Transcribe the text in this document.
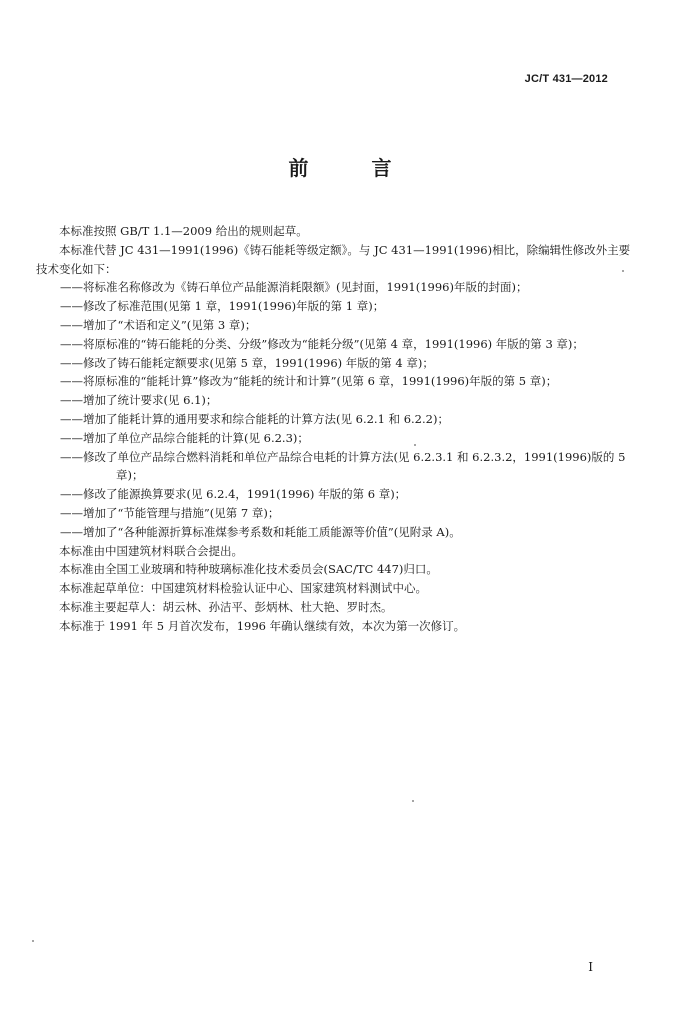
JC/T 431—2012
前 言

本标准按照 GB/T 1.1—2009 给出的规则起草。

本标准代替 JC 431—1991(1996)《铸石能耗等级定额》。与 JC 431—1991(1996)相比，除编辑性修改外主要技术变化如下：

——将标准名称修改为《铸石单位产品能源消耗限额》(见封面，1991(1996)年版的封面)；

——修改了标准范围(见第 1 章，1991(1996)年版的第 1 章)；

——增加了“术语和定义”(见第 3 章)；

——将原标准的“铸石能耗的分类、分级”修改为“能耗分级”(见第 4 章，1991(1996) 年版的第 3 章)；

——修改了铸石能耗定额要求(见第 5 章，1991(1996) 年版的第 4 章)；

——将原标准的“能耗计算”修改为“能耗的统计和计算”(见第 6 章，1991(1996)年版的第 5 章)；

——增加了统计要求(见 6.1)；

——增加了能耗计算的通用要求和综合能耗的计算方法(见 6.2.1 和 6.2.2)；

——增加了单位产品综合能耗的计算(见 6.2.3)；

——修改了单位产品综合燃料消耗和单位产品综合电耗的计算方法(见 6.2.3.1 和 6.2.3.2，1991(1996)版的 5 章)；

——修改了能源换算要求(见 6.2.4，1991(1996) 年版的第 6 章)；

——增加了“节能管理与措施”(见第 7 章)；

——增加了“各种能源折算标准煤参考系数和耗能工质能源等价值”(见附录 A)。

本标准由中国建筑材料联合会提出。

本标准由全国工业玻璃和特种玻璃标准化技术委员会(SAC/TC 447)归口。

本标准起草单位：中国建筑材料检验认证中心、国家建筑材料测试中心。

本标准主要起草人：胡云林、孙洁平、彭炳林、杜大艳、罗时杰。

本标准于 1991 年 5 月首次发布，1996 年确认继续有效，本次为第一次修订。

I
